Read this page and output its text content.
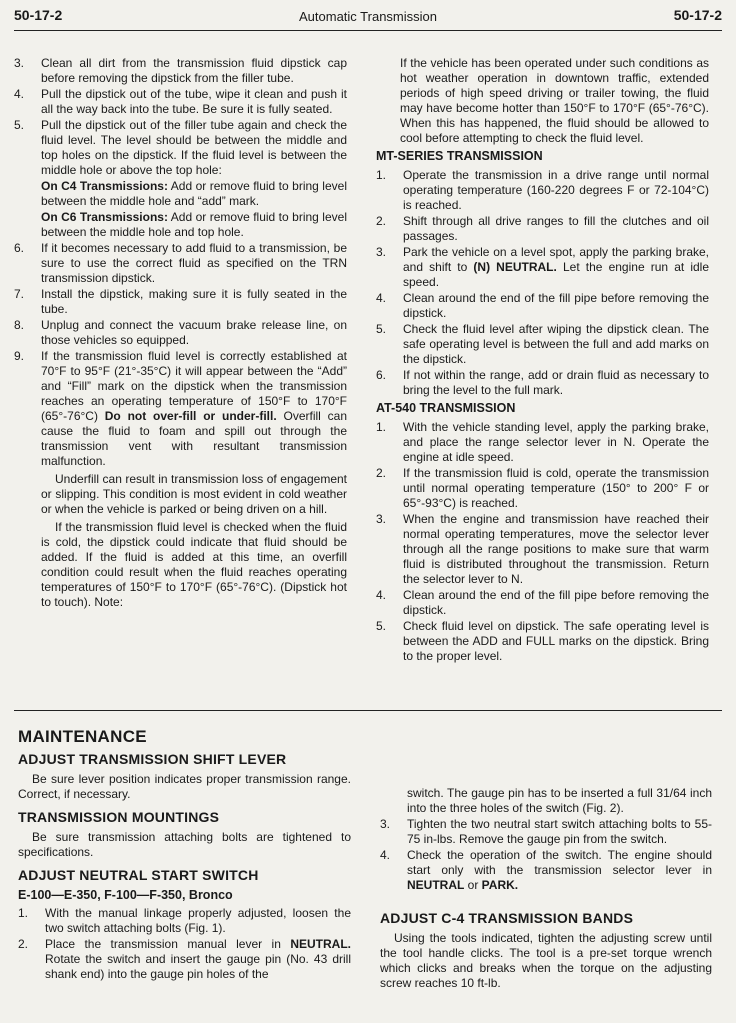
50-17-2	Automatic Transmission	50-17-2
3. Clean all dirt from the transmission fluid dipstick cap before removing the dipstick from the filler tube.
4. Pull the dipstick out of the tube, wipe it clean and push it all the way back into the tube. Be sure it is fully seated.
5. Pull the dipstick out of the filler tube again and check the fluid level. The level should be between the middle and top holes on the dipstick. If the fluid level is between the middle hole or above the top hole:
On C4 Transmissions: Add or remove fluid to bring level between the middle hole and “add” mark.
On C6 Transmissions: Add or remove fluid to bring level between the middle hole and top hole.
6. If it becomes necessary to add fluid to a transmission, be sure to use the correct fluid as specified on the TRN transmission dipstick.
7. Install the dipstick, making sure it is fully seated in the tube.
8. Unplug and connect the vacuum brake release line, on those vehicles so equipped.
9. If the transmission fluid level is correctly established at 70°F to 95°F (21°-35°C) it will appear between the “Add” and “Fill” mark on the dipstick when the transmission reaches an operating temperature of 150°F to 170°F (65°-76°C) Do not over-fill or under-fill. Overfill can cause the fluid to foam and spill out through the transmission vent with resultant transmission malfunction.
Underfill can result in transmission loss of engagement or slipping. This condition is most evident in cold weather or when the vehicle is parked or being driven on a hill.
If the transmission fluid level is checked when the fluid is cold, the dipstick could indicate that fluid should be added. If the fluid is added at this time, an overfill condition could result when the fluid reaches operating temperatures of 150°F to 170°F (65°-76°C). (Dipstick hot to touch). Note:
If the vehicle has been operated under such conditions as hot weather operation in downtown traffic, extended periods of high speed driving or trailer towing, the fluid may have become hotter than 150°F to 170°F (65°-76°C). When this has happened, the fluid should be allowed to cool before attempting to check the fluid level.
MT-SERIES TRANSMISSION
1. Operate the transmission in a drive range until normal operating temperature (160-220 degrees F or 72-104°C) is reached.
2. Shift through all drive ranges to fill the clutches and oil passages.
3. Park the vehicle on a level spot, apply the parking brake, and shift to (N) NEUTRAL. Let the engine run at idle speed.
4. Clean around the end of the fill pipe before removing the dipstick.
5. Check the fluid level after wiping the dipstick clean. The safe operating level is between the full and add marks on the dipstick.
6. If not within the range, add or drain fluid as necessary to bring the level to the full mark.
AT-540 TRANSMISSION
1. With the vehicle standing level, apply the parking brake, and place the range selector lever in N. Operate the engine at idle speed.
2. If the transmission fluid is cold, operate the transmission until normal operating temperature (150° to 200° F or 65°-93°C) is reached.
3. When the engine and transmission have reached their normal operating temperatures, move the selector lever through all the range positions to make sure that warm fluid is distributed throughout the transmission. Return the selector lever to N.
4. Clean around the end of the fill pipe before removing the dipstick.
5. Check fluid level on dipstick. The safe operating level is between the ADD and FULL marks on the dipstick. Bring to the proper level.
MAINTENANCE
ADJUST TRANSMISSION SHIFT LEVER
Be sure lever position indicates proper transmission range. Correct, if necessary.
TRANSMISSION MOUNTINGS
Be sure transmission attaching bolts are tightened to specifications.
ADJUST NEUTRAL START SWITCH
E-100—E-350, F-100—F-350, Bronco
1. With the manual linkage properly adjusted, loosen the two switch attaching bolts (Fig. 1).
2. Place the transmission manual lever in NEUTRAL. Rotate the switch and insert the gauge pin (No. 43 drill shank end) into the gauge pin holes of the
switch. The gauge pin has to be inserted a full 31/64 inch into the three holes of the switch (Fig. 2).
3. Tighten the two neutral start switch attaching bolts to 55-75 in-lbs. Remove the gauge pin from the switch.
4. Check the operation of the switch. The engine should start only with the transmission selector lever in NEUTRAL or PARK.
ADJUST C-4 TRANSMISSION BANDS
Using the tools indicated, tighten the adjusting screw until the tool handle clicks. The tool is a pre-set torque wrench which clicks and breaks when the torque on the adjusting screw reaches 10 ft-lb.
